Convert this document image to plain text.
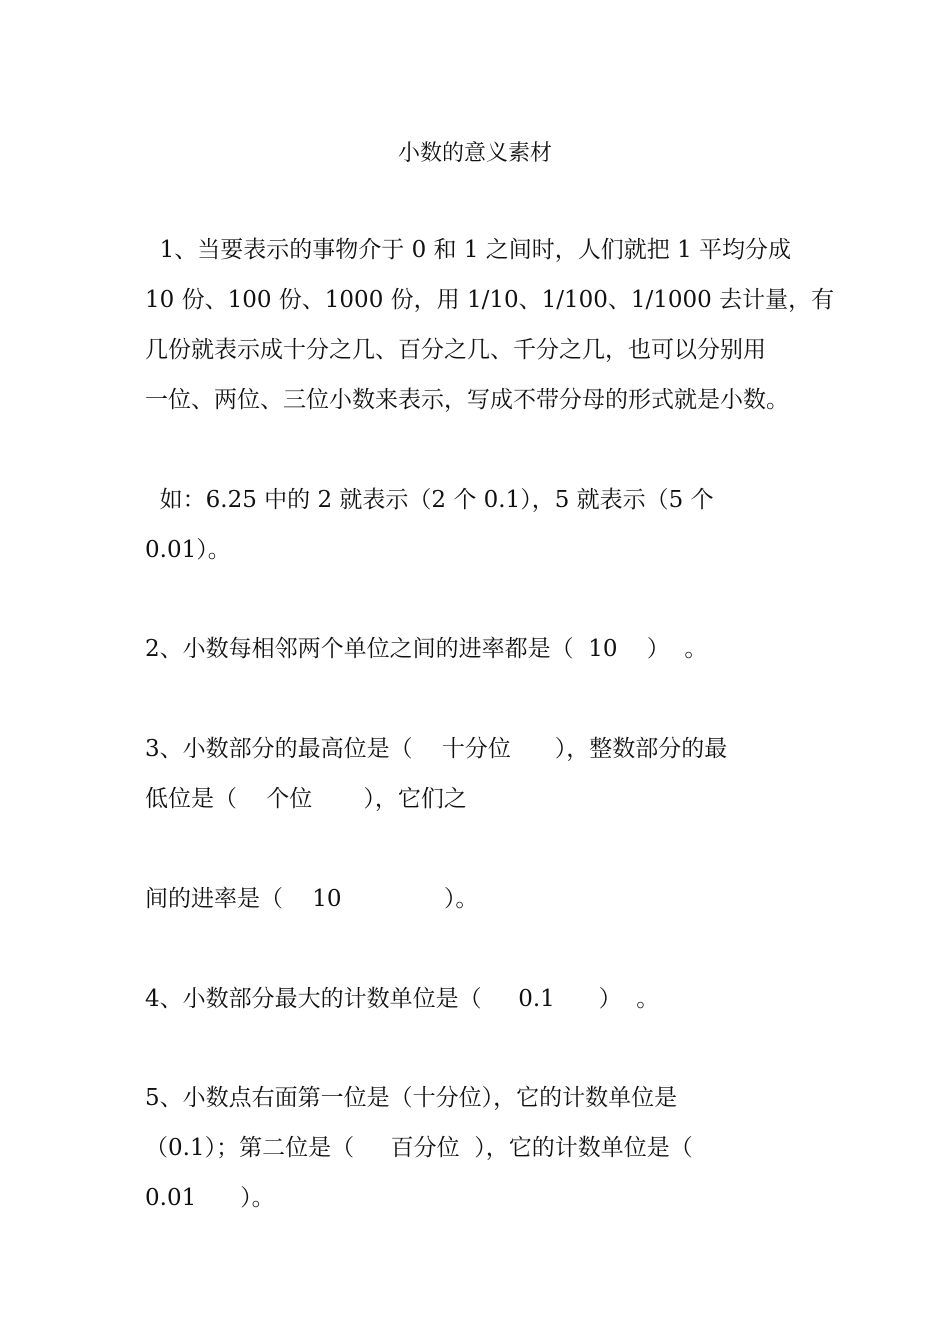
小数的意义素材
1、当要表示的事物介于 0 和 1 之间时，人们就把 1 平均分成
10 份、100 份、1000 份，用 1/10、1/100、1/1000 去计量，有
几份就表示成十分之几、百分之几、千分之几，也可以分别用
一位、两位、三位小数来表示，写成不带分母的形式就是小数。
如：6.25 中的 2 就表示（2 个 0.1），5 就表示（5 个
0.01）。
2、小数每相邻两个单位之间的进率都是（  10    ）  。
3、小数部分的最高位是（    十分位      ），整数部分的最
低位是（    个位       ），它们之
间的进率是（    10              ）。
4、小数部分最大的计数单位是（     0.1      ）  。
5、小数点右面第一位是（十分位），它的计数单位是
（0.1）；第二位是（     百分位  ），它的计数单位是（
0.01      ）。
